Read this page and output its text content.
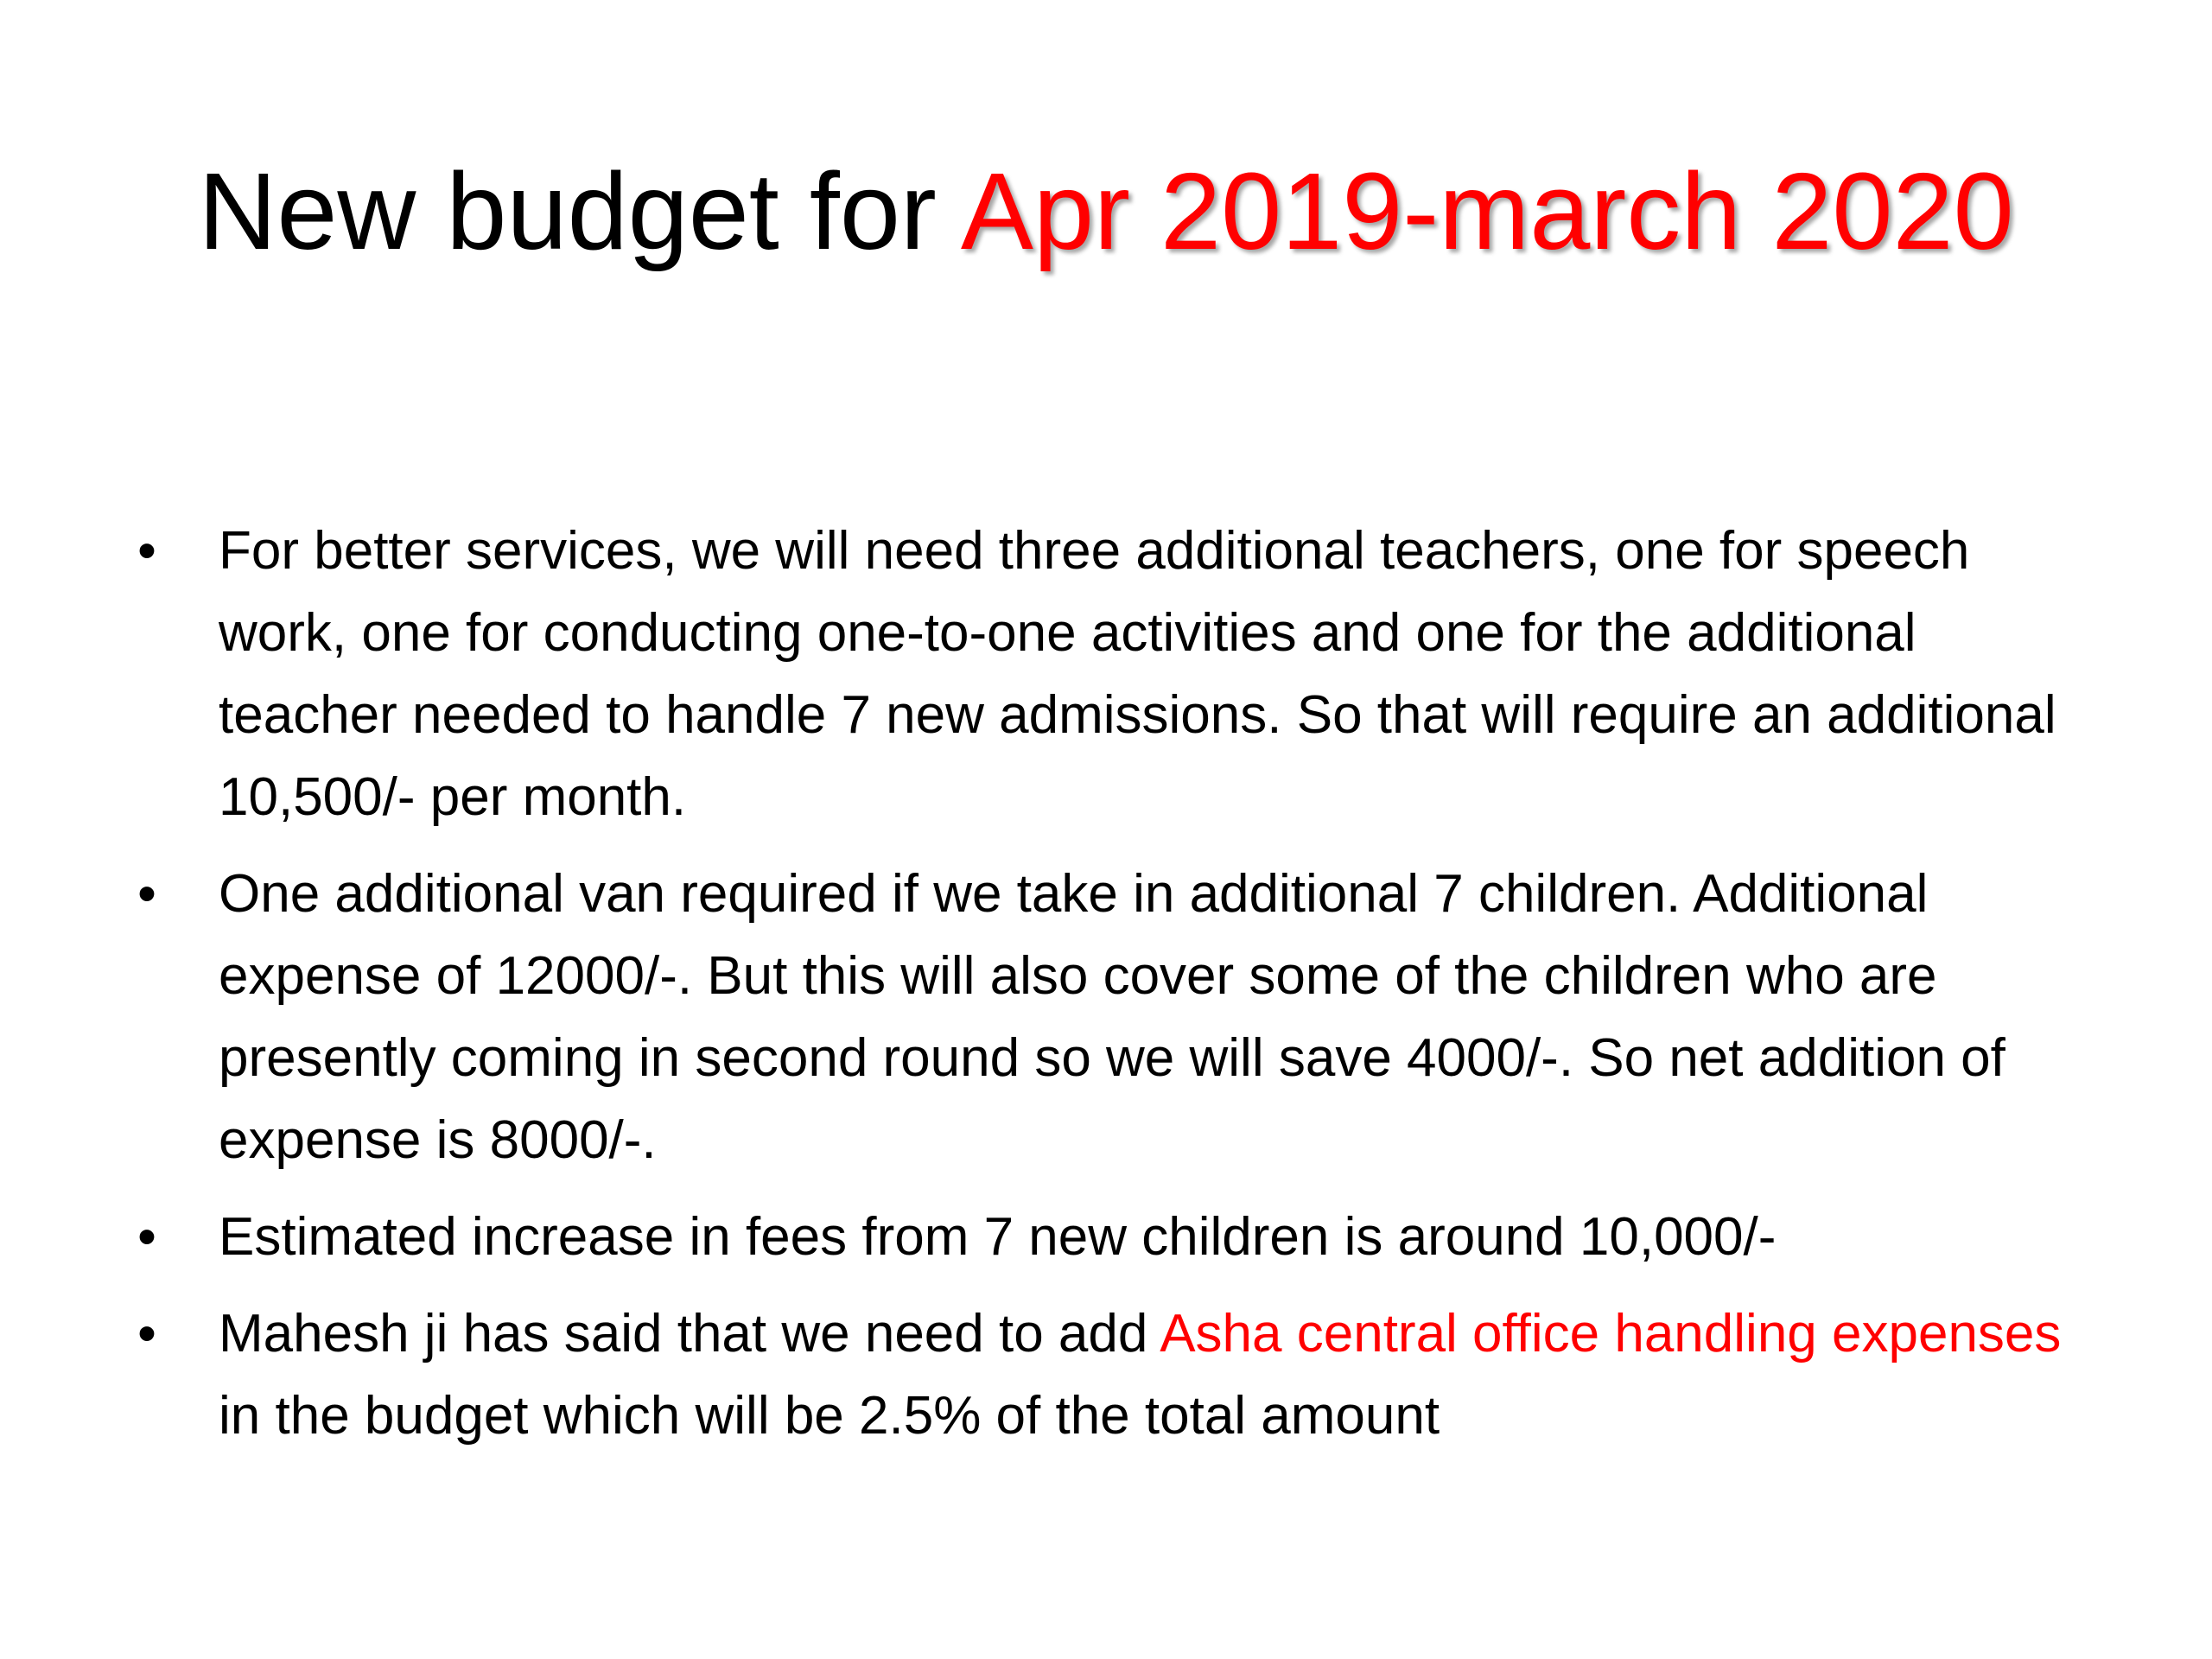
New budget for Apr 2019-march 2020
• For better services, we will need three additional teachers, one for speech work, one for conducting one-to-one activities and one for the additional teacher needed to handle 7 new admissions. So that will require an additional 10,500/- per month.
• One additional van required if we take in additional 7 children. Additional expense of 12000/-. But this will also cover some of the children who are presently coming in second round so we will save 4000/-. So net addition of expense is 8000/-.
• Estimated increase in fees from 7 new children is around 10,000/-
• Mahesh ji has said that we need to add Asha central office handling expenses in the budget which will be 2.5% of the total amount
